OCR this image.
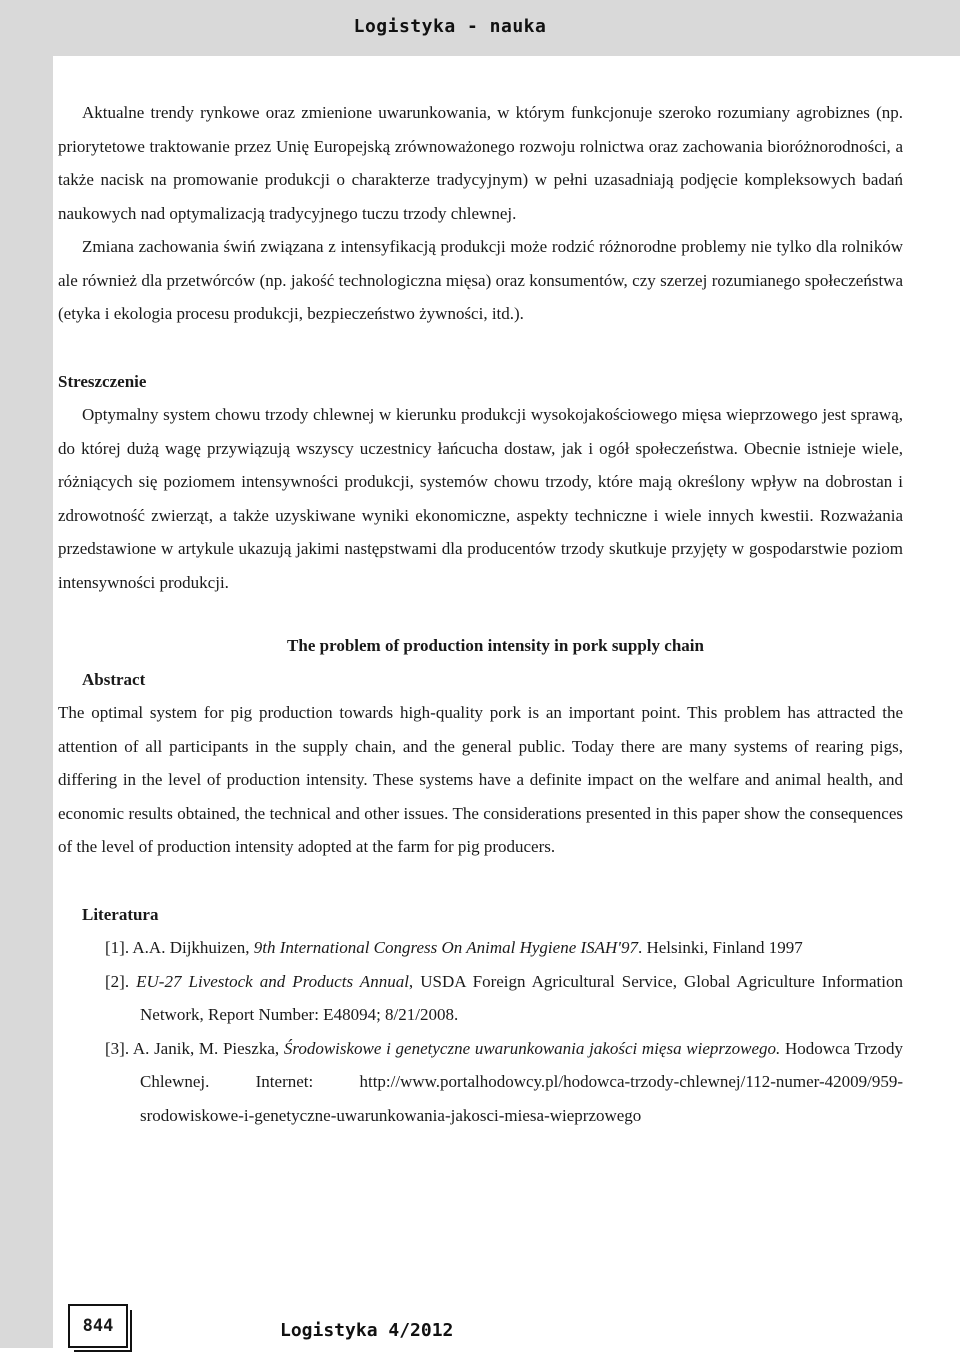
Logistyka - nauka

Aktualne trendy rynkowe oraz zmienione uwarunkowania, w którym funkcjonuje szeroko rozumiany agrobiznes (np. priorytetowe traktowanie przez Unię Europejską zrównoważonego rozwoju rolnictwa oraz zachowania bioróżnorodności, a także nacisk na promowanie produkcji o charakterze tradycyjnym) w pełni uzasadniają podjęcie kompleksowych badań naukowych nad optymalizacją tradycyjnego tuczu trzody chlewnej.

Zmiana zachowania świń związana z intensyfikacją produkcji może rodzić różnorodne problemy nie tylko dla rolników ale również dla przetwórców (np. jakość technologiczna mięsa) oraz konsumentów, czy szerzej rozumianego społeczeństwa (etyka i ekologia procesu produkcji, bezpieczeństwo żywności, itd.).

Streszczenie

Optymalny system chowu trzody chlewnej w kierunku produkcji wysokojakościowego mięsa wieprzowego jest sprawą, do której dużą wagę przywiązują wszyscy uczestnicy łańcucha dostaw, jak i ogół społeczeństwa. Obecnie istnieje wiele, różniących się poziomem intensywności produkcji, systemów chowu trzody, które mają określony wpływ na dobrostan i zdrowotność zwierząt, a także uzyskiwane wyniki ekonomiczne, aspekty techniczne i wiele innych kwestii. Rozważania przedstawione w artykule ukazują jakimi następstwami dla producentów trzody skutkuje przyjęty w gospodarstwie poziom intensywności produkcji.

The problem of production intensity in pork supply chain

Abstract

The optimal system for pig production towards high-quality pork is an important point. This problem has attracted the attention of all participants in the supply chain, and the general public. Today there are many systems of rearing pigs, differing in the level of production intensity. These systems have a definite impact on the welfare and animal health, and economic results obtained, the technical and other issues. The considerations presented in this paper show the consequences of the level of production intensity adopted at the farm for pig producers.

Literatura

[1]. A.A. Dijkhuizen, 9th International Congress On Animal Hygiene ISAH'97. Helsinki, Finland 1997
[2]. EU-27 Livestock and Products Annual, USDA Foreign Agricultural Service, Global Agriculture Information Network, Report Number: E48094; 8/21/2008.
[3]. A. Janik, M. Pieszka, Środowiskowe i genetyczne uwarunkowania jakości mięsa wieprzowego. Hodowca Trzody Chlewnej. Internet: http://www.portalhodowcy.pl/hodowca-trzody-chlewnej/112-numer-42009/959-srodowiskowe-i-genetyczne-uwarunkowania-jakosci-miesa-wieprzowego
844	Logistyka 4/2012
